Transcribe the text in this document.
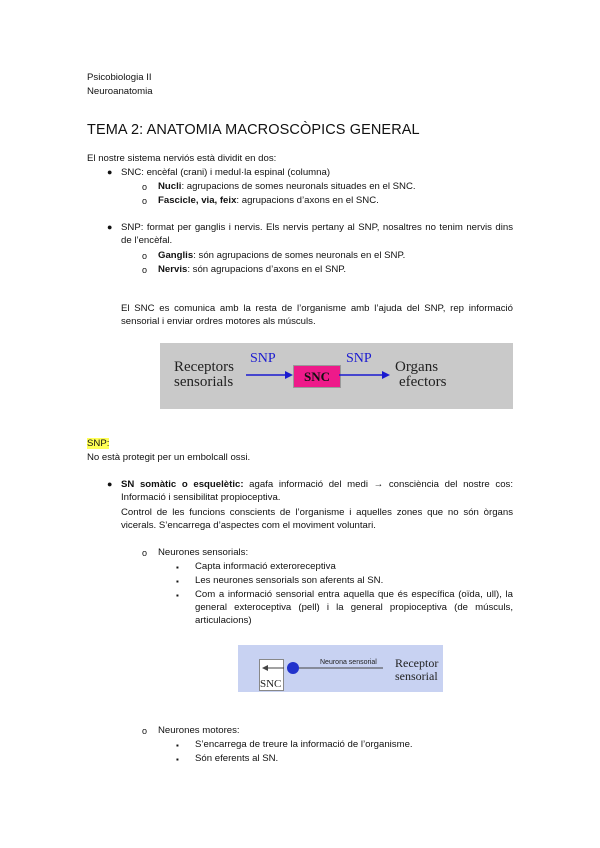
Psicobiologia II
Neuroanatomia
TEMA 2: ANATOMIA MACROSCÒPICS GENERAL
El nostre sistema nerviós està dividit en dos:
● SNC: encèfal (crani) i medul·la espinal (columna)
o Nucli: agrupacions de somes neuronals situades en el SNC.
o Fascicle, via, feix: agrupacions d’axons en el SNC.
● SNP: format per ganglis i nervis. Els nervis pertany al SNP, nosaltres no tenim nervis dins de l’encèfal.
o Ganglis: són agrupacions de somes neuronals en el SNP.
o Nervis: són agrupacions d’axons en el SNP.
El SNC es comunica amb la resta de l’organisme amb l’ajuda del SNP, rep informació sensorial i enviar ordres motores als músculs.
Receptors
sensorials
SNP
SNC
SNP
Organs
efectors
SNP:
No està protegit per un embolcall ossi.
● SN somàtic o esquelètic: agafa informació del medi → consciència del nostre cos: Informació i sensibilitat propioceptiva.
Control de les funcions conscients de l’organisme i aquelles zones que no són òrgans vicerals. S’encarrega d’aspectes com el moviment voluntari.
o Neurones sensorials:
▪ Capta informació exteroreceptiva
▪ Les neurones sensorials son aferents al SN.
▪ Com a informació sensorial entra aquella que és específica (oïda, ull), la general exteroceptiva (pell) i la general propioceptiva (de músculs, articulacions)
SNC
Neurona sensorial Receptor
sensorial
o Neurones motores:
▪ S’encarrega de treure la informació de l’organisme.
▪ Són eferents al SN.
